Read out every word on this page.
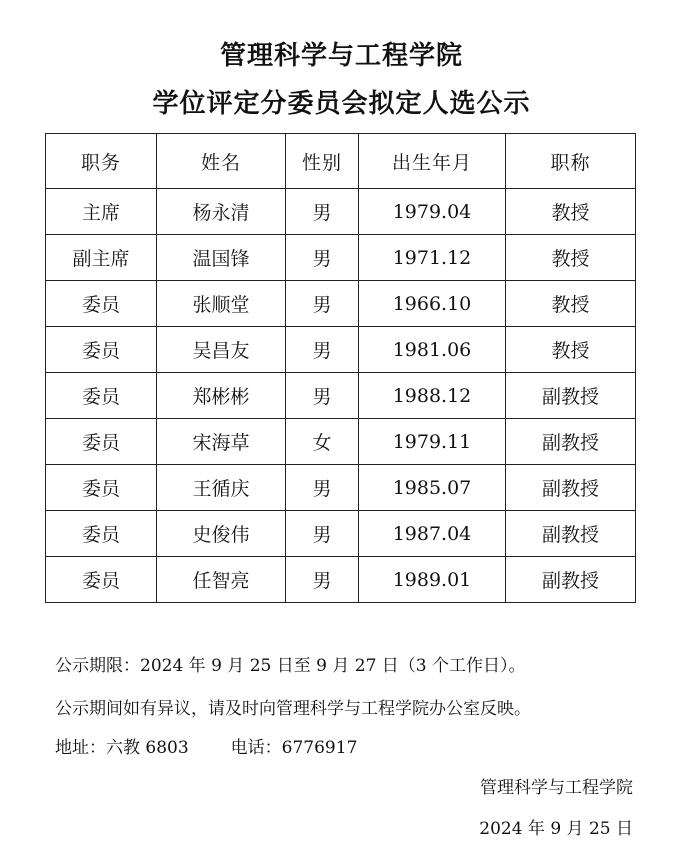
管理科学与工程学院
学位评定分委员会拟定人选公示
职务	姓名	性别	出生年月	职称
主席	杨永清	男	1979.04	教授
副主席	温国锋	男	1971.12	教授
委员	张顺堂	男	1966.10	教授
委员	吴昌友	男	1981.06	教授
委员	郑彬彬	男	1988.12	副教授
委员	宋海草	女	1979.11	副教授
委员	王循庆	男	1985.07	副教授
委员	史俊伟	男	1987.04	副教授
委员	任智亮	男	1989.01	副教授
公示期限：2024 年 9 月 25 日至 9 月 27 日（3 个工作日）。
公示期间如有异议，请及时向管理科学与工程学院办公室反映。
地址：六教 6803 电话：6776917
管理科学与工程学院
2024 年 9 月 25 日
